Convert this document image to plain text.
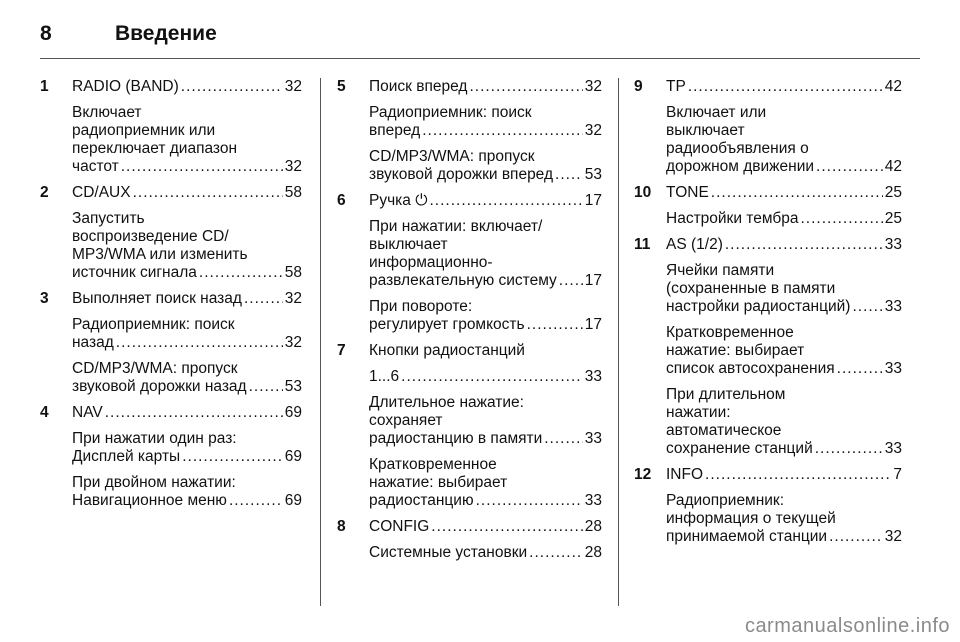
8	Введение
1 RADIO (BAND) .....	32
Включает
радиоприемник или
переключает диапазон
частот .....	32
2 CD/AUX .....	58
Запустить
воспроизведение CD/
MP3/WMA или изменить
источник сигнала .....	58
3 Выполняет поиск назад .....	32
Радиоприемник: поиск
назад .....	32
CD/MP3/WMA: пропуск
звуковой дорожки назад ..... 53
4 NAV .....	69
При нажатии один раз:
Дисплей карты .....	69
При двойном нажатии:
Навигационное меню .....	69
5 Поиск вперед .....	32
Радиоприемник: поиск
вперед .....	32
CD/MP3/WMA: пропуск
звуковой дорожки вперед ..... 53
6 Ручка ⏻ .....	17
При нажатии: включает/
выключает
информационно-
развлекательную систему ..... 17
При повороте:
регулирует громкость .....	17
7 Кнопки радиостанций
1...6 .....	33
Длительное нажатие:
сохраняет
радиостанцию в памяти .....	33
Кратковременное
нажатие: выбирает
радиостанцию .....	33
8 CONFIG .....	28
Системные установки .....	28
9 TP .....	42
Включает или
выключает
радиообъявления о
дорожном движении .....	42
10 TONE .....	25
Настройки тембра .....	25
11 AS (1/2) .....	33
Ячейки памяти
(сохраненные в памяти
настройки радиостанций) ..... 33
Кратковременное
нажатие: выбирает
список автосохранения .....	33
При длительном
нажатии:
автоматическое
сохранение станций .....	33
12 INFO .....	7
Радиоприемник:
информация о текущей
принимаемой станции .....	32
carmanualsonline.info
